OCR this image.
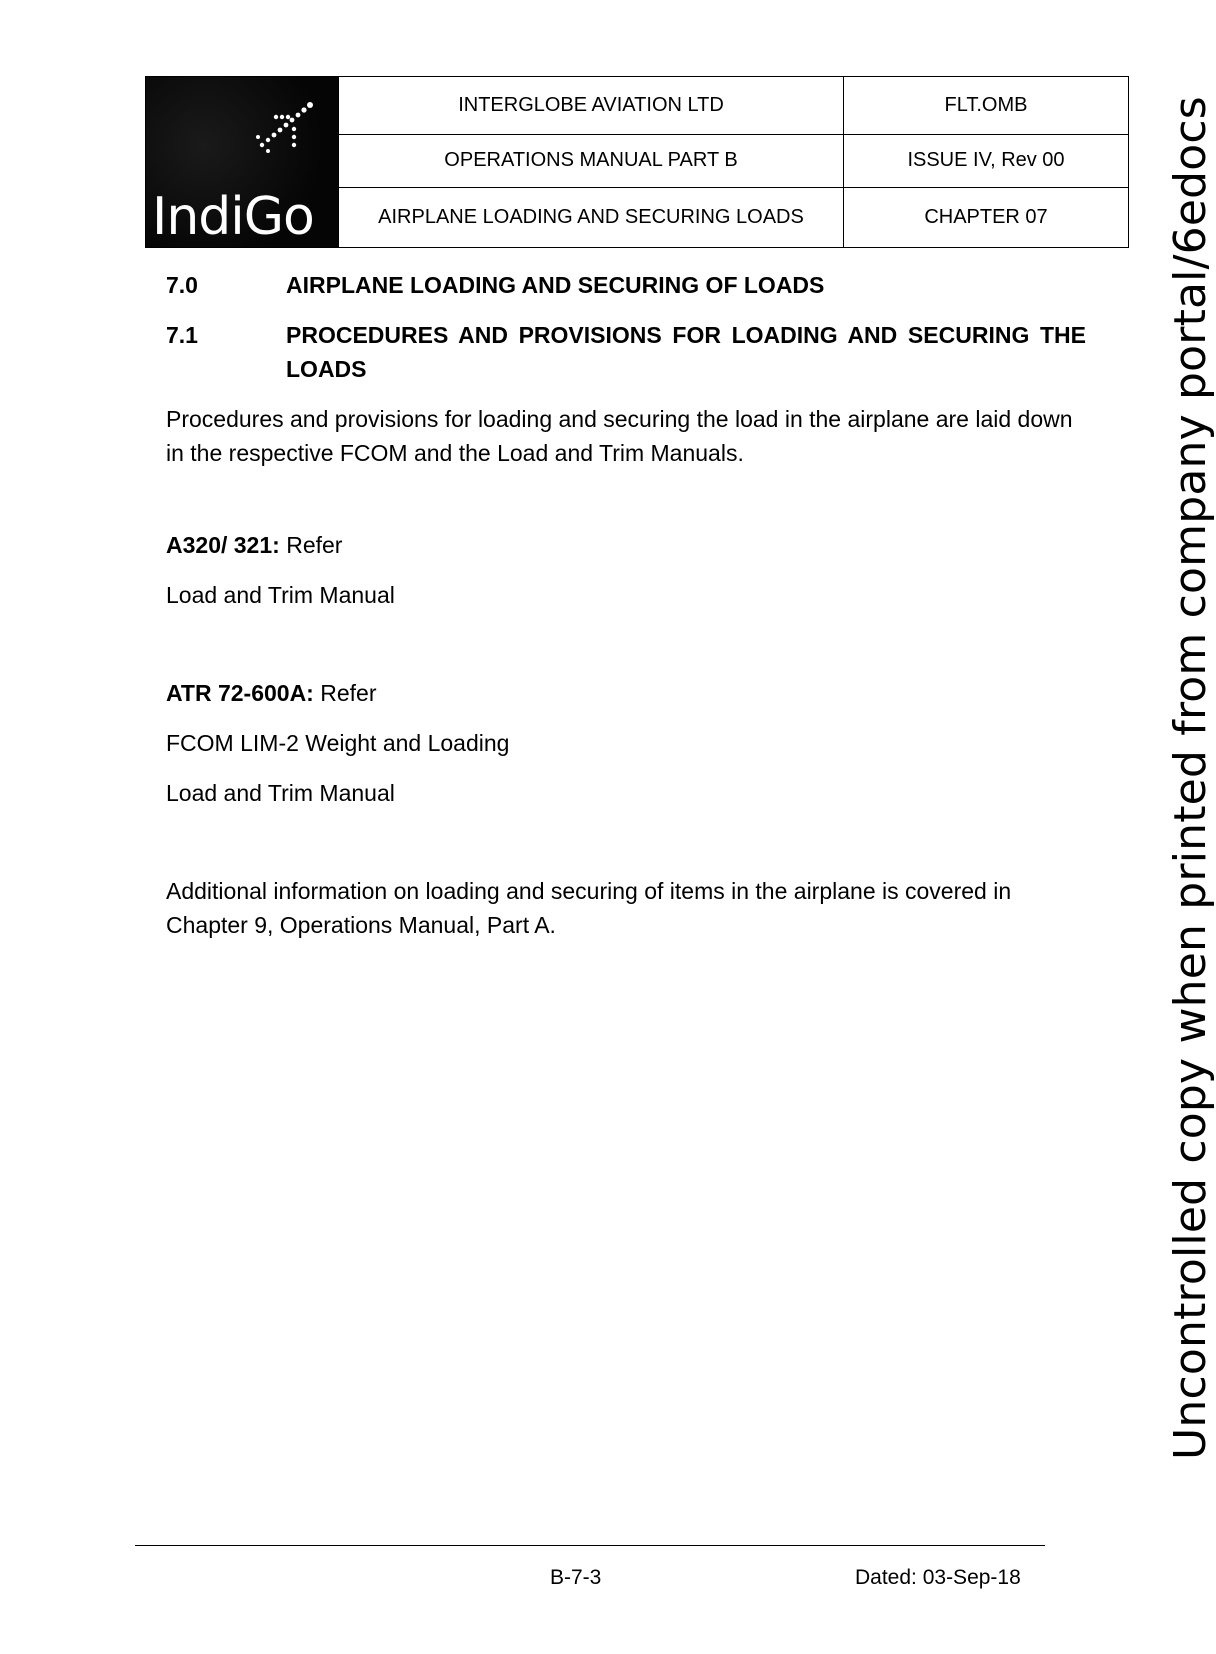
IndiGo	INTERGLOBE AVIATION LTD	FLT.OMB
	OPERATIONS MANUAL PART B	ISSUE IV, Rev 00
	AIRPLANE LOADING AND SECURING LOADS	CHAPTER 07
7.0	AIRPLANE LOADING AND SECURING OF LOADS
7.1	PROCEDURES AND PROVISIONS FOR LOADING AND SECURING THE LOADS

Procedures and provisions for loading and securing the load in the airplane are laid down in the respective FCOM and the Load and Trim Manuals.

A320/ 321: Refer

Load and Trim Manual

ATR 72-600A: Refer

FCOM LIM-2 Weight and Loading

Load and Trim Manual

Additional information on loading and securing of items in the airplane is covered in Chapter 9, Operations Manual, Part A.

B-7-3	Dated: 03-Sep-18
Uncontrolled copy when printed from company portal/6edocs
